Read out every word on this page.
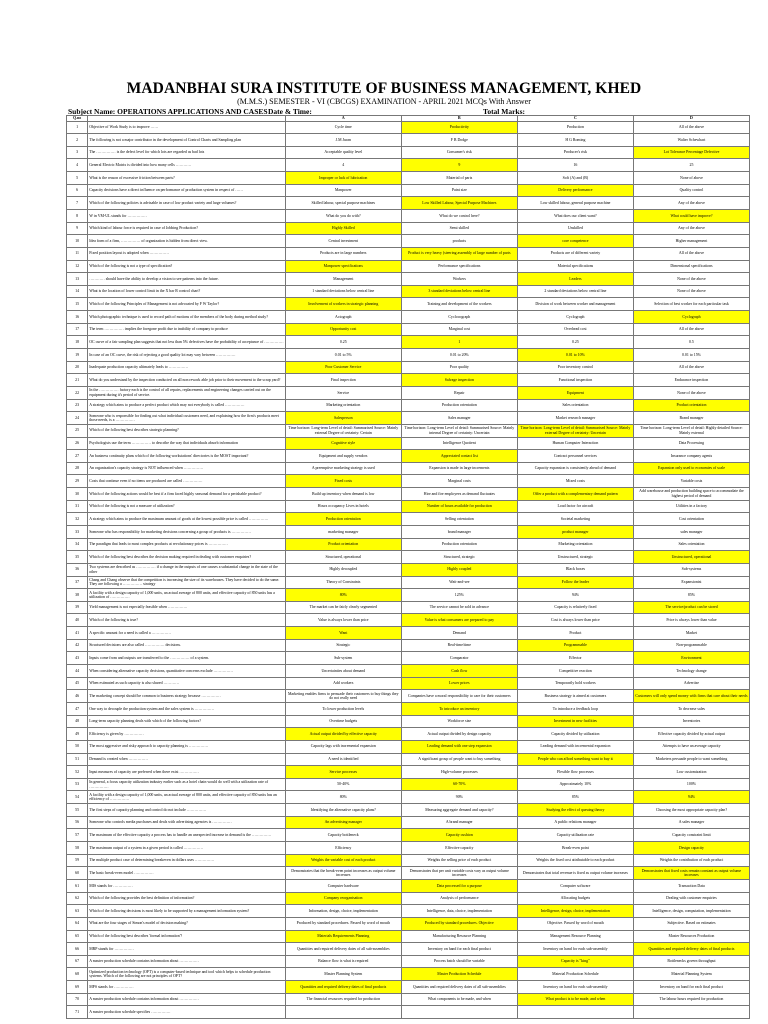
MADANBHAI SURA INSTITUTE OF BUSINESS MANAGEMENT, KHED
(M.M.S.) SEMESTER - VI (CBCGS) EXAMINATION - APRIL 2021 MCQs With Answer
Subject Name: OPERATIONS APPLICATIONS AND CASES Date & Time:	Total Marks:
Q.no		A	B	C	D
1	Objective of Work Study is to improve ……	Cycle time	Productivity	Production	All of the above
2	The following is not a major contributor in the development of Control Charts and Sampling plan	J.M Juran	F B Dodge	H G Roming	Walter Schewhart
3	The …………… is the defect level for which lots are regarded as bad lots	Acceptable quality level	Consumer's risk	Producer's risk	Lot Tolerance Percentage Defective
4	General Electric Matrix is divided into how many cells …………	4	9	16	25
5	What is the reason of excessive friction between parts?	Improper or lack of lubrication	Material of parts	Soft (A) and (B)	None of above
6	Capacity decisions have a direct influence on performance of production system in respect of ……	Manpower	Paint size	Delivery performance	Quality control
7	Which of the following policies is advisable in case of low product variety and large volumes?	Skilled labour, special purpose machines	Low Skilled Labour, Special Purpose Machines	Low skilled labour, general purpose machine	Any of the above
8	W in VM-UL stands for ……………	What do you do with?	What do we control here?	What does our client want?	What could have improve?
9	Which kind of labour force is required in case of Jobbing Production?	Highly Skilled	Semi skilled	Unskilled	Any of the above
10	Idea form of a firm, …………… of organization is hidden from direct view.	Central investment	products	core competence	Higher management
11	Fixed position layout is adopted when ……………	Products are in large numbers	Product is very heavy (steering assembly of large number of parts	Products are of different variety	All of the above
12	Which of the following is not a type of specification?	Manpower specifications	Performance specifications	Material specifications	Dimensional specifications
13	………… should have the ability to develop a vision to see patterns into the future.	Management	Workers	Leaders	None of the above
14	What is the location of lower control limit in the X bar R control chart?	1 standard deviations below central line	3 standard deviations below central line	2 standard deviations below central line	None of the above
15	Which of the following Principles of Management is not advocated by F W Taylor?	Involvement of workers in strategic planning	Training and development of the workers	Division of work between worker and management	Selection of best worker for each particular task
16	Which photographic technique is used to record path of motions of the members of the body during method study?	Actograph	Cyclocograph	Cyclograph	Cyclograph
17	The term …………… implies the foregone profit due to inability of company to produce	Opportunity cost	Marginal cost	Overhead cost	All of the above
18	OC curve of a fair sampling plan suggests that not less than 5% defectives have the probability of acceptance of ……………	0.25	1	0.25	0.5
19	In case of an OC curve, the risk of rejecting a good quality lot may vary between ……………	0.01 to 5%	0.01 to 20%	0.01 to 10%	0.01 to 15%
20	Inadequate production capacity ultimately leads to ……………	Poor Customer Service	Poor quality	Poor inventory control	All of the above
21	What do you understand by the inspection conducted on all non rework able job prior to their movement to the scrap yard?	Final inspection	Salvage inspection	Functional inspection	Endurance inspection
22	In the …………… factory each is the control of all repairs, replacements and engineering changes carried out on the equipment during it's period of service.	Service	Repair	Equipment	None of the above
23	A strategy which aims to produce a perfect product which may not everybody is called ……………	Marketing orientation	Production orientation	Sales orientation	Product orientation
24	Someone who is responsible for finding out what individual customers need, and explaining how the firm's products meet those needs, is a ……………	Salesperson	Sales manager	Market research manager	Brand manager
25	Which of the following best describes strategic planning?	Time horizon: Long-term Level of detail: Summarised Source: Mainly external Degree of certainty: Certain	Time horizon: Long-term Level of detail: Summarised Source: Mainly internal Degree of certainty: Uncertain	Time horizon: Long-term Level of detail: Summarised Source: Mainly external Degree of certainty: Uncertain	Time horizon: Long-term Level of detail: Highly detailed Source: Mainly external
26	Psychologists use the term …………… to describe the way that individuals absorb information	Cognitive style	Intelligence Quotient	Human Computer Interaction	Data Processing
27	An business continuity plans which of the following workstations' directories is the MOST important?	Equipment and supply vendors	Appreciated contact list	Contract personnel services	Insurance company agents
28	An organisation's capacity strategy is NOT influenced when ……………	A preemptive marketing strategy is used	Expansion is made in large increments	Capacity expansion is consistently ahead of demand	Expansion only used to economies of scale
29	Costs that continue even if no items are produced are called ……………	Fixed costs	Marginal costs	Mixed costs	Variable costs
30	Which of the following actions would be best if a firm faced highly seasonal demand for a perishable product?	Build up inventory when demand is low	Hire and fire employees as demand fluctuates	Offer a product with a complementary demand pattern	Add warehouse and production building space to accommodate the highest period of demand
31	Which of the following is not a measure of utilization?	Hours occupancy Lives in hotels	Number of hours available for production	Load factor for aircraft	Utilities in a factory
32	A strategy which aims to produce the maximum amount of goods at the lowest possible price is called ……………	Production orientation	Selling orientation	Societal marketing	Cost orientation
33	Someone who has responsibility for marketing decisions concerning a group of products is ……………	marketing manager	brand manager	product manager	sales manager
34	The paradigm that leads to most complex products at revolutionary prices is ……………	Product orientation	Production orientation	Marketing orientation	Sales orientation
35	Which of the following best describes the decision making required in dealing with customer enquiries?	Structured, operational	Structured, strategic	Unstructured, strategic	Unstructured, operational
36	Two systems are described as …………… if a change in the outputs of one causes a substantial change in the state of the other	Highly decoupled	Highly coupled	Black boxes	Sub-systems
37	Chang and Chang observe that the competition is increasing the size of its warehouses. They have decided to do the same. They are following a …………… strategy	Theory of Constraints	Wait-and-see	Follow the leader	Expansionist
38	A facility with a design capacity of 1,000 units, an actual average of 800 units, and effective capacity of 850 units has a utilization of ……………	80%	125%	94%	85%
39	Yield management is not especially feasible when ……………	The market can be fairly clearly segmented	The service cannot be sold in advance	Capacity is relatively fixed	The service/product can be stored
40	Which of the following is true?	Value is always lower than price	Value is what consumers are prepared to pay	Cost is always lower than price	Price is always lower than value
41	A specific amount for a need is called a ……………	Want	Demand	Product	Market
42	Structured decisions are also called …………… decisions.	Strategic	Real-time/time	Programmable	Non-programmable
43	Inputs come from and outputs are transferred to the …………… of a system.	Sub-system	Comparator	Effector	Environment
44	When considering alternative capacity decisions, quantitative concerns exclude ……………	Uncertainties about demand	Cash flow	Competitive reaction	Technology change
45	When estimated as such capacity is also shared …………	Add workers	Lower prices	Temporarily hold workers	Advertise
46	The marketing concept should be common to business strategy because ……………	Marketing enables firms to persuade their customers to buy things they do not really need	Companies have a moral responsibility to care for their customers	Business strategy is aimed at customers	Customers will only spend money with firms that care about their needs
47	One way to decouple the production system and the sales system is ……………	To lower production levels	To introduce an inventory	To introduce a feedback loop	To decrease sales
48	Long-term capacity planning deals with which of the following factors?	Overtime budgets	Workforce size	Investment in new facilities	Inventories
49	Efficiency is given by ……………	Actual output divided by effective capacity	Actual output divided by design capacity	Capacity divided by utilization	Effective capacity divided by actual output
50	The most aggressive and risky approach to capacity planning is ……………	Capacity lags with incremental expansion	Leading demand with one step expansion	Leading demand with incremental expansion	Attempts to have an average capacity
51	Demand is created when ……………	A need is identified	A significant group of people want to buy something	People who can afford something want to buy it	Marketers persuade people to want something
52	Input measures of capacity are preferred when there exist ……………	Service processes	High-volume processes	Flexible flow processes	Low customization
53	In general, a focus capacity utilization industry earlier such as a hotel chain would do well with a utilization rate of ……………	50-40%	60-70%	Approximately 10%	100%
54	A facility with a design capacity of 1,000 units, an actual average of 800 units, and effective capacity of 850 units has an efficiency of ……………	80%	90%	85%	94%
55	The first steps of capacity planning and control do not include ……………	Identifying the alternative capacity plans?	Measuring aggregate demand and capacity?	Studying the effect of queuing theory	Choosing the most appropriate capacity plan?
56	Someone who controls media purchases and deals with advertising agencies is ……………	An advertising manager	A brand manager	A public relations manager	A sales manager
57	The maximum of the effective capacity a process has to handle an unexpected increase in demand is the ……………	Capacity bottleneck	Capacity cushion	Capacity utilization rate	Capacity constraint limit
58	The maximum output of a system in a given period is called ……………	Efficiency	Effective capacity	Break-even point	Design capacity
59	The multiple product case of determining breakeven in dollars uses ……………	Weights the variable cost of each product	Weights the selling price of each product	Weights the fixed cost attributable to each product	Weights the contribution of each product
60	The basic break-even model ……………	Demonstrates that the break-even point increases as output volume increases	Demonstrates that per unit variable costs vary as output volume increases	Demonstrates that total revenue is fixed as output volume increases	Demonstrates that fixed costs remain constant as output volume increases
61	MIS stands for ……………	Computer hardware	Data processed for a purpose	Computer software	Transaction Data
62	Which of the following provides the best definition of information?	Company reorganisation	Analysis of performance	Allocating budgets	Dealing with customer enquiries
63	Which of the following decisions is most likely to be supported by a management information system?	Information, design, choice, implementation	Intelligence, data, choice, implementation	Intelligence, design, choice, implementation	Intelligence, design, computation, implementation
64	What are the four stages of Simon's model of decision making?	Produced by standard procedures. Passed by word of mouth	Produced by standard procedures. Objective	Objective. Passed by word of mouth	Subjective. Based on estimates
65	Which of the following best describes 'formal information'?	Materials Requirements Planning	Manufacturing Resource Planning	Management Resource Planning	Master Resources Production
66	MRP stands for ……………	Quantities and required delivery dates of all sub-assemblies	Inventory on hand for each final product	Inventory on hand for each sub-assembly	Quantities and required delivery dates of final products
67	A master production schedule contains information about ……………	Balance flow is what is required	Process batch should be variable	Capacity is "king"	Bottlenecks govern throughput
68	Optimized production technology (OPT) is a computer-based technique and tool which helps to schedule production systems. Which of the following are not principles of OPT?	Master Planning System	Master Production Schedule	Material Production Schedule	Material Planning System
69	MPS stands for ……………	Quantities and required delivery dates of final products	Quantities and required delivery dates of all sub-assemblies	Inventory on hand for each sub-assembly	Inventory on hand for each final product
70	A master production schedule contains information about ……………	The financial resources required for production	What components to be made, and when	What product is to be made, and when	The labour hours required for production
71	A master production schedule specifies ……………				
